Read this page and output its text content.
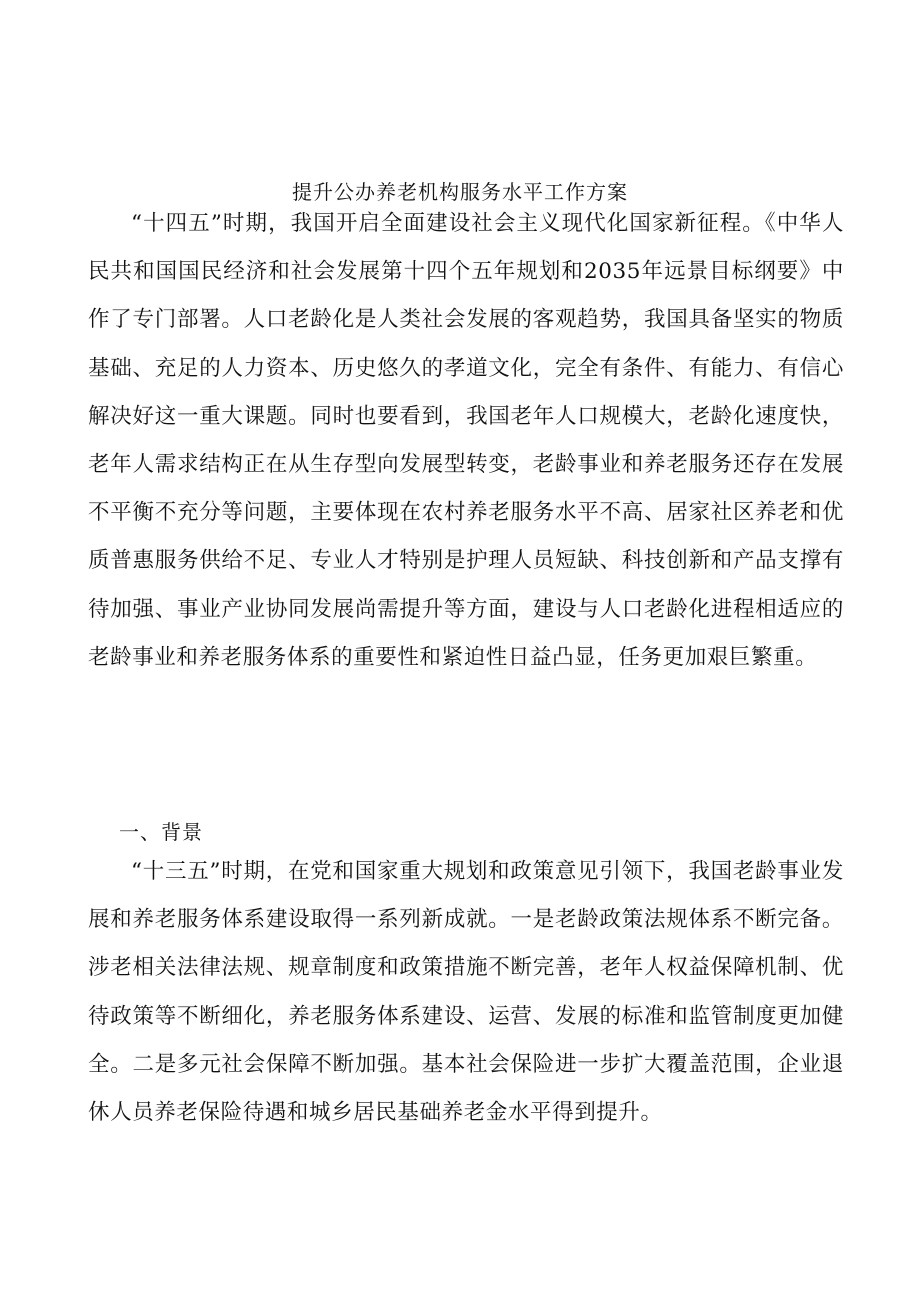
提升公办养老机构服务水平工作方案

“十四五”时期，我国开启全面建设社会主义现代化国家新征程。《中华人民共和国国民经济和社会发展第十四个五年规划和2035年远景目标纲要》中作了专门部署。人口老龄化是人类社会发展的客观趋势，我国具备坚实的物质基础、充足的人力资本、历史悠久的孝道文化，完全有条件、有能力、有信心解决好这一重大课题。同时也要看到，我国老年人口规模大，老龄化速度快，老年人需求结构正在从生存型向发展型转变，老龄事业和养老服务还存在发展不平衡不充分等问题，主要体现在农村养老服务水平不高、居家社区养老和优质普惠服务供给不足、专业人才特别是护理人员短缺、科技创新和产品支撑有待加强、事业产业协同发展尚需提升等方面，建设与人口老龄化进程相适应的老龄事业和养老服务体系的重要性和紧迫性日益凸显，任务更加艰巨繁重。

一、背景

“十三五”时期，在党和国家重大规划和政策意见引领下，我国老龄事业发展和养老服务体系建设取得一系列新成就。一是老龄政策法规体系不断完备。涉老相关法律法规、规章制度和政策措施不断完善，老年人权益保障机制、优待政策等不断细化，养老服务体系建设、运营、发展的标准和监管制度更加健全。二是多元社会保障不断加强。基本社会保险进一步扩大覆盖范围，企业退休人员养老保险待遇和城乡居民基础养老金水平得到提升。
